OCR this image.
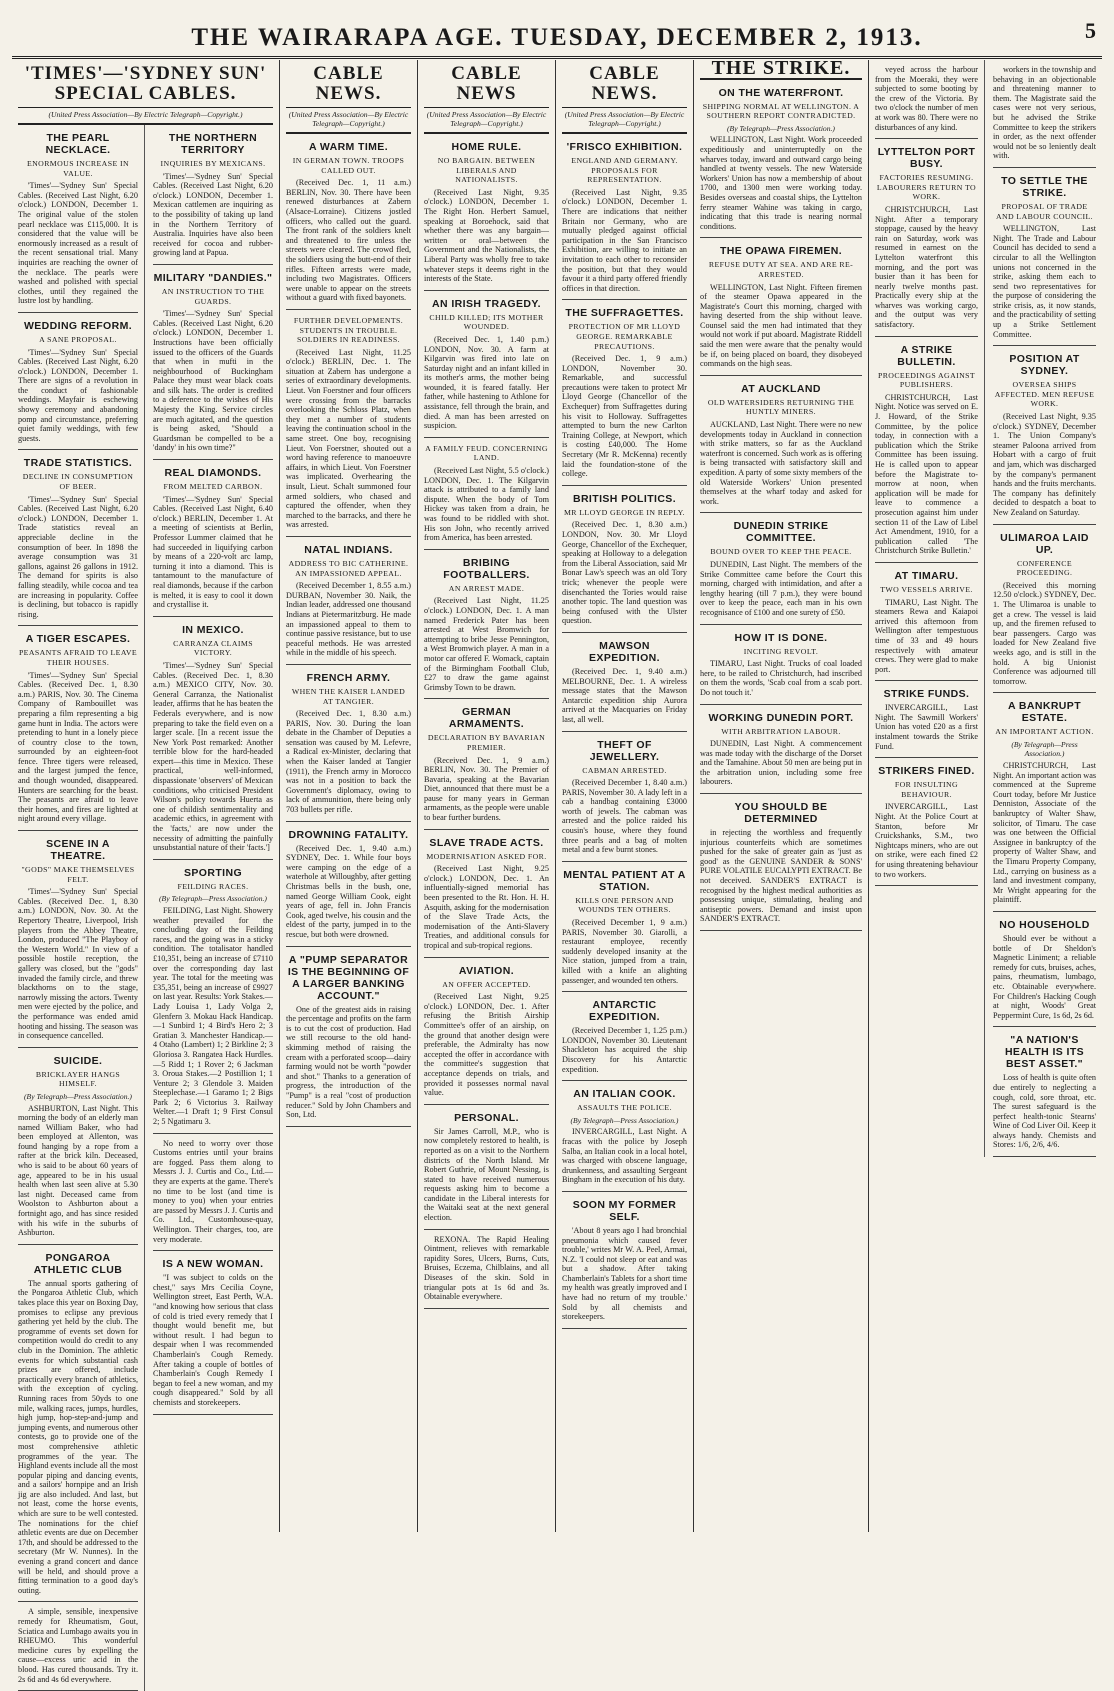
THE WAIRARAPA AGE. TUESDAY, DECEMBER 2, 1913.	5
'TIMES'—'SYDNEY SUN' SPECIAL CABLES.
(United Press Association—By Electric Telegraph—Copyright.)
THE PEARL NECKLACE.
ENORMOUS INCREASE IN VALUE.

'Times'—'Sydney Sun' Special Cables. (Received Last Night, 6.20 o'clock.) LONDON, December 1. The original value of the stolen pearl necklace was £115,000. It is considered that the value will be enormously increased as a result of the recent sensational trial. Many inquiries are reaching the owner of the necklace. The pearls were washed and polished with special clothes, until they regained the lustre lost by handling.

WEDDING REFORM.
A SANE PROPOSAL.

'Times'—'Sydney Sun' Special Cables. (Received Last Night, 6.20 o'clock.) LONDON, December 1. There are signs of a revolution in the conduct of fashionable weddings. Mayfair is eschewing showy ceremony and abandoning pomp and circumstance, preferring quiet family weddings, with few guests.

TRADE STATISTICS.
DECLINE IN CONSUMPTION OF BEER.

'Times'—'Sydney Sun' Special Cables. (Received Last Night, 6.20 o'clock.) LONDON, December 1. Trade statistics reveal an appreciable decline in the consumption of beer. In 1898 the average consumption was 31 gallons, against 26 gallons in 1912. The demand for spirits is also falling steadily, while cocoa and tea are increasing in popularity. Coffee is declining, but tobacco is rapidly rising.

A TIGER ESCAPES.
PEASANTS AFRAID TO LEAVE THEIR HOUSES.

'Times'—'Sydney Sun' Special Cables. (Received Dec. 1, 8.30 a.m.) PARIS, Nov. 30. The Cinema Company of Rambouillet was preparing a film representing a big game hunt in India. The actors were pretending to hunt in a lonely piece of country close to the town, surrounded by an eighteen-foot fence. Three tigers were released, and the largest jumped the fence, and though wounded, disappeared. Hunters are searching for the beast. The peasants are afraid to leave their homes, and fires are lighted at night around every village.

SCENE IN A THEATRE.
"GODS" MAKE THEMSELVES FELT.

'Times'—'Sydney Sun' Special Cables. (Received Dec. 1, 8.30 a.m.) LONDON, Nov. 30. At the Repertory Theatre, Liverpool, Irish players from the Abbey Theatre, London, produced "The Playboy of the Western World." In view of a possible hostile reception, the gallery was closed, but the "gods" invaded the family circle, and threw blackthorns on to the stage, narrowly missing the actors. Twenty men were ejected by the police, and the performance was ended amid hooting and hissing. The season was in consequence cancelled.

SUICIDE.
BRICKLAYER HANGS HIMSELF.
(By Telegraph—Press Association.)

ASHBURTON, Last Night. This morning the body of an elderly man named William Baker, who had been employed at Allenton, was found hanging by a rope from a rafter at the brick kiln. Deceased, who is said to be about 60 years of age, appeared to be in his usual health when last seen alive at 5.30 last night. Deceased came from Woolston to Ashburton about a fortnight ago, and has since resided with his wife in the suburbs of Ashburton.

PONGAROA ATHLETIC CLUB

The annual sports gathering of the Pongaroa Athletic Club, which takes place this year on Boxing Day, promises to eclipse any previous gathering yet held by the club. The programme of events set down for competition would do credit to any club in the Dominion. The athletic events for which substantial cash prizes are offered, include practically every branch of athletics, with the exception of cycling. Running races from 50yds to one mile, walking races, jumps, hurdles, high jump, hop-step-and-jump and jumping events, and numerous other contests, go to provide one of the most comprehensive athletic programmes of the year. The Highland events include all the most popular piping and dancing events, and a sailors' hornpipe and an Irish jig are also included. And last, but not least, come the horse events, which are sure to be well contested. The nominations for the chief athletic events are due on December 17th, and should be addressed to the secretary (Mr W. Nunnes). In the evening a grand concert and dance will be held, and should prove a fitting termination to a good day's outing.

A simple, sensible, inexpensive remedy for Rheumatism, Gout, Sciatica and Lumbago awaits you in RHEUMO. This wonderful medicine cures by expelling the cause—excess uric acid in the blood. Has cured thousands. Try it. 2s 6d and 4s 6d everywhere.

THE NORTHERN TERRITORY
INQUIRIES BY MEXICANS.

'Times'—'Sydney Sun' Special Cables. (Received Last Night, 6.20 o'clock.) LONDON, December 1. Mexican cattlemen are inquiring as to the possibility of taking up land in the Northern Territory of Australia. Inquiries have also been received for cocoa and rubber-growing land at Papua.

MILITARY "DANDIES."
AN INSTRUCTION TO THE GUARDS.

'Times'—'Sydney Sun' Special Cables. (Received Last Night, 6.20 o'clock.) LONDON, December 1. Instructions have been officially issued to the officers of the Guards that when in mufti in the neighbourhood of Buckingham Palace they must wear black coats and silk hats. The order is credited to a deference to the wishes of His Majesty the King. Service circles are much agitated, and the question is being asked, "Should a Guardsman be compelled to be a 'dandy' in his own time?"

REAL DIAMONDS.
FROM MELTED CARBON.

'Times'—'Sydney Sun' Special Cables. (Received Last Night, 6.40 o'clock.) BERLIN, December 1. At a meeting of scientists at Berlin, Professor Lummer claimed that he had succeeded in liquifying carbon by means of a 220-volt arc lamp, turning it into a diamond. This is tantamount to the manufacture of real diamonds, because if the carbon is melted, it is easy to cool it down and crystallise it.

IN MEXICO.
CARRANZA CLAIMS VICTORY.

'Times'—'Sydney Sun' Special Cables. (Received Dec. 1, 8.30 a.m.) MEXICO CITY, Nov. 30. General Carranza, the Nationalist leader, affirms that he has beaten the Federals everywhere, and is now preparing to take the field even on a larger scale. [In a recent issue the New York Post remarked: Another terrible blow for the hard-headed expert—this time in Mexico. These practical, well-informed, dispassionate 'observers' of Mexican conditions, who criticised President Wilson's policy towards Huerta as one of childish sentimentality and academic ethics, in agreement with the 'facts,' are now under the necessity of admitting the painfully unsubstantial nature of their 'facts.']

SPORTING
FEILDING RACES.
(By Telegraph—Press Association.)

FEILDING, Last Night. Showery weather prevailed for the concluding day of the Feilding races, and the going was in a sticky condition. The totalisator handled £10,351, being an increase of £7110 over the corresponding day last year. The total for the meeting was £35,351, being an increase of £9927 on last year. Results: York Stakes.—Lady Louisa 1, Lady Volga 2, Glenfern 3. Mokau Hack Handicap.—1 Sunbird 1; 4 Bird's Hero 2; 3 Gratian 3. Manchester Handicap.—4 Otaho (Lambert) 1; 2 Birkline 2; 3 Gloriosa 3. Rangatea Hack Hurdles.—5 Ridd 1; 1 Rover 2; 6 Jackman 3. Oroua Stakes.—2 Postillion 1; 1 Venture 2; 3 Glendole 3. Maiden Steeplechase.—1 Garamo 1; 2 Bigs Park 2; 6 Victorius 3. Railway Welter.—1 Draft 1; 9 First Consul 2; 5 Ngatimaru 3.

No need to worry over those Customs entries until your brains are fogged. Pass them along to Messrs J. J. Curtis and Co., Ltd.—they are experts at the game. There's no time to be lost (and time is money to you) when your entries are passed by Messrs J. J. Curtis and Co. Ltd., Customhouse-quay, Wellington. Their charges, too, are very moderate.

IS A NEW WOMAN.

"I was subject to colds on the chest," says Mrs Cecilia Coyne, Wellington street, East Perth, W.A. "and knowing how serious that class of cold is tried every remedy that I thought would benefit me, but without result. I had begun to despair when I was recommended Chamberlain's Cough Remedy. After taking a couple of bottles of Chamberlain's Cough Remedy I began to feel a new woman, and my cough disappeared." Sold by all chemists and storekeepers.

CABLE NEWS.
(United Press Association—By Electric Telegraph—Copyright.)
A WARM TIME.
IN GERMAN TOWN. TROOPS CALLED OUT.

(Received Dec. 1, 11 a.m.) BERLIN, Nov. 30. There have been renewed disturbances at Zabern (Alsace-Lorraine). Citizens jostled officers, who called out the guard. The front rank of the soldiers knelt and threatened to fire unless the streets were cleared. The crowd fled, the soldiers using the butt-end of their rifles. Fifteen arrests were made, including two Magistrates. Officers were unable to appear on the streets without a guard with fixed bayonets.

FURTHER DEVELOPMENTS. STUDENTS IN TROUBLE. SOLDIERS IN READINESS.

(Received Last Night, 11.25 o'clock.) BERLIN, Dec. 1. The situation at Zabern has undergone a series of extraordinary developments. Lieut. Von Foerstner and four officers were crossing from the barracks overlooking the Schloss Platz, when they met a number of students leaving the continuation school in the same street. One boy, recognising Lieut. Von Foerstner, shouted out a word having reference to manoeuvre affairs, in which Lieut. Von Foerstner was implicated. Overhearing the insult, Lieut. Schalt summoned four armed soldiers, who chased and captured the offender, when they marched to the barracks, and there he was arrested.

NATAL INDIANS.
ADDRESS TO BIC CATHERINE. AN IMPASSIONED APPEAL.

(Received December 1, 8.55 a.m.) DURBAN, November 30. Naik, the Indian leader, addressed one thousand Indians at Pietermaritzburg. He made an impassioned appeal to them to continue passive resistance, but to use peaceful methods. He was arrested while in the middle of his speech.

FRENCH ARMY.
WHEN THE KAISER LANDED AT TANGIER.

(Received Dec. 1, 8.30 a.m.) PARIS, Nov. 30. During the loan debate in the Chamber of Deputies a sensation was caused by M. Lefevre, a Radical ex-Minister, declaring that when the Kaiser landed at Tangier (1911), the French army in Morocco was not in a position to back the Government's diplomacy, owing to lack of ammunition, there being only 703 bullets per rifle.

DROWNING FATALITY.

(Received Dec. 1, 9.40 a.m.) SYDNEY, Dec. 1. While four boys were camping on the edge of a waterhole at Willoughby, after getting Christmas bells in the bush, one, named George William Cook, eight years of age, fell in. John Francis Cook, aged twelve, his cousin and the eldest of the party, jumped in to the rescue, but both were drowned.

A "PUMP SEPARATOR IS THE BEGINNING OF A LARGER BANKING ACCOUNT."

One of the greatest aids in raising the percentage and profits on the farm is to cut the cost of production. Had we still recourse to the old hand-skimming method of raising the cream with a perforated scoop—dairy farming would not be worth "powder and shot." Thanks to a generation of progress, the introduction of the "Pump" is a real "cost of production reducer." Sold by John Chambers and Son, Ltd.

CABLE NEWS
(United Press Association—By Electric Telegraph—Copyright.)
HOME RULE.
NO BARGAIN. BETWEEN LIBERALS AND NATIONALISTS.

(Received Last Night, 9.35 o'clock.) LONDON, December 1. The Right Hon. Herbert Samuel, speaking at Boroehock, said that whether there was any bargain—written or oral—between the Government and the Nationalists, the Liberal Party was wholly free to take whatever steps it deems right in the interests of the State.

AN IRISH TRAGEDY.
CHILD KILLED; ITS MOTHER WOUNDED.

(Received Dec. 1, 1.40 p.m.) LONDON, Nov. 30. A farm at Kilgarvin was fired into late on Saturday night and an infant killed in its mother's arms, the mother being wounded, it is feared fatally. Her father, while hastening to Athlone for assistance, fell through the brain, and died. A man has been arrested on suspicion.

A FAMILY FEUD. CONCERNING LAND.

(Received Last Night, 5.5 o'clock.) LONDON, Dec. 1. The Kilgarvin attack is attributed to a family land dispute. When the body of Tom Hickey was taken from a drain, he was found to be riddled with shot. His son John, who recently arrived from America, has been arrested.

BRIBING FOOTBALLERS.
AN ARREST MADE.

(Received Last Night, 11.25 o'clock.) LONDON, Dec. 1. A man named Frederick Pater has been arrested at West Bromwich for attempting to bribe Jesse Pennington, a West Bromwich player. A man in a motor car offered F. Womack, captain of the Birmingham Football Club, £27 to draw the game against Grimsby Town to be drawn.

GERMAN ARMAMENTS.
DECLARATION BY BAVARIAN PREMIER.

(Received Dec. 1, 9 a.m.) BERLIN, Nov. 30. The Premier of Bavaria, speaking at the Bavarian Diet, announced that there must be a pause for many years in German armaments, as the people were unable to bear further burdens.

SLAVE TRADE ACTS.
MODERNISATION ASKED FOR.

(Received Last Night, 9.25 o'clock.) LONDON, Dec. 1. An influentially-signed memorial has been presented to the Rt. Hon. H. H. Asquith, asking for the modernisation of the Slave Trade Acts, the modernisation of the Anti-Slavery Treaties, and additional consuls for tropical and sub-tropical regions.

AVIATION.
AN OFFER ACCEPTED.

(Received Last Night, 9.25 o'clock.) LONDON, Dec. 1. After refusing the British Airship Committee's offer of an airship, on the ground that another design were preferable, the Admiralty has now accepted the offer in accordance with the committee's suggestion that acceptance depends on trials, and provided it possesses normal naval value.

PERSONAL.

Sir James Carroll, M.P., who is now completely restored to health, is reported as on a visit to the Northern districts of the North Island. Mr Robert Guthrie, of Mount Nessing, is stated to have received numerous requests asking him to become a candidate in the Liberal interests for the Waitaki seat at the next general election.

REXONA. The Rapid Healing Ointment, relieves with remarkable rapidity Sores, Ulcers, Burns, Cuts, Bruises, Eczema, Chilblains, and all Diseases of the skin. Sold in triangular pots at 1s 6d and 3s. Obtainable everywhere.

CABLE NEWS.
(United Press Association—By Electric Telegraph—Copyright.)
'FRISCO EXHIBITION.
ENGLAND AND GERMANY. PROPOSALS FOR REPRESENTATION.

(Received Last Night, 9.35 o'clock.) LONDON, December 1. There are indications that neither Britain nor Germany, who are mutually pledged against official participation in the San Francisco Exhibition, are willing to initiate an invitation to each other to reconsider the position, but that they would favour it a third party offered friendly offices in that direction.

THE SUFFRAGETTES.
PROTECTION OF MR LLOYD GEORGE. REMARKABLE PRECAUTIONS.

(Received Dec. 1, 9 a.m.) LONDON, November 30. Remarkable, and successful precautions were taken to protect Mr Lloyd George (Chancellor of the Exchequer) from Suffragettes during his visit to Holloway. Suffragettes attempted to burn the new Carlton Training College, at Newport, which is costing £40,000. The Home Secretary (Mr R. McKenna) recently laid the foundation-stone of the college.

BRITISH POLITICS.
MR LLOYD GEORGE IN REPLY.

(Received Dec. 1, 8.30 a.m.) LONDON, Nov. 30. Mr Lloyd George, Chancellor of the Exchequer, speaking at Holloway to a delegation from the Liberal Association, said Mr Bonar Law's speech was an old Tory trick; whenever the people were disenchanted the Tories would raise another topic. The land question was being confused with the Ulster question.

MAWSON EXPEDITION.

(Received Dec. 1, 9.40 a.m.) MELBOURNE, Dec. 1. A wireless message states that the Mawson Antarctic expedition ship Aurora arrived at the Macquaries on Friday last, all well.

THEFT OF JEWELLERY.
CABMAN ARRESTED.

(Received December 1, 8.40 a.m.) PARIS, November 30. A lady left in a cab a handbag containing £3000 worth of jewels. The cabman was arrested and the police raided his cousin's house, where they found three pearls and a bag of molten metal and a few burnt stones.

MENTAL PATIENT AT A STATION.
KILLS ONE PERSON AND WOUNDS TEN OTHERS.

(Received December 1, 9 a.m.) PARIS, November 30. Giarolli, a restaurant employee, recently suddenly developed insanity at the Nice station, jumped from a train, killed with a knife an alighting passenger, and wounded ten others.

ANTARCTIC EXPEDITION.

(Received December 1, 1.25 p.m.) LONDON, November 30. Lieutenant Shackleton has acquired the ship Discovery for his Antarctic expedition.

AN ITALIAN COOK.
ASSAULTS THE POLICE.
(By Telegraph—Press Association.)

INVERCARGILL, Last Night. A fracas with the police by Joseph Salba, an Italian cook in a local hotel, was charged with obscene language, drunkenness, and assaulting Sergeant Bingham in the execution of his duty.

SOON MY FORMER SELF.

'About 8 years ago I had bronchial pneumonia which caused fever trouble,' writes Mr W. A. Peel, Armai, N.Z. 'I could not sleep or eat and was but a shadow. After taking Chamberlain's Tablets for a short time my health was greatly improved and I have had no return of my trouble.' Sold by all chemists and storekeepers.

THE STRIKE.
ON THE WATERFRONT.
SHIPPING NORMAL AT WELLINGTON. A SOUTHERN REPORT CONTRADICTED.
(By Telegraph—Press Association.)

WELLINGTON, Last Night. Work proceeded expeditiously and uninterruptedly on the wharves today, inward and outward cargo being handled at twenty vessels. The new Waterside Workers' Union has now a membership of about 1700, and 1300 men were working today. Besides overseas and coastal ships, the Lyttelton ferry steamer Wahine was taking in cargo, indicating that this trade is nearing normal conditions.

THE OPAWA FIREMEN.
REFUSE DUTY AT SEA. AND ARE RE-ARRESTED.

WELLINGTON, Last Night. Fifteen firemen of the steamer Opawa appeared in the Magistrate's Court this morning, charged with having deserted from the ship without leave. Counsel said the men had intimated that they would not work if put aboard. Magistrate Riddell said the men were aware that the penalty would be if, on being placed on board, they disobeyed commands on the high seas.

AT AUCKLAND
OLD WATERSIDERS RETURNING THE HUNTLY MINERS.

AUCKLAND, Last Night. There were no new developments today in Auckland in connection with strike matters, so far as the Auckland waterfront is concerned. Such work as is offering is being transacted with satisfactory skill and expedition. A party of some sixty members of the old Waterside Workers' Union presented themselves at the wharf today and asked for work.

DUNEDIN STRIKE COMMITTEE.
BOUND OVER TO KEEP THE PEACE.

DUNEDIN, Last Night. The members of the Strike Committee came before the Court this morning, charged with intimidation, and after a lengthy hearing (till 7 p.m.), they were bound over to keep the peace, each man in his own recognisance of £100 and one surety of £50.

HOW IT IS DONE.
INCITING REVOLT.

TIMARU, Last Night. Trucks of coal loaded here, to be railed to Christchurch, had inscribed on them the words, 'Scab coal from a scab port. Do not touch it.'

WORKING DUNEDIN PORT.
WITH ARBITRATION LABOUR.

DUNEDIN, Last Night. A commencement was made today with the discharge of the Dorset and the Tamahine. About 50 men are being put in the arbitration union, including some free labourers.

YOU SHOULD BE DETERMINED

in rejecting the worthless and frequently injurious counterfeits which are sometimes pushed for the sake of greater gain as 'just as good' as the GENUINE SANDER & SONS' PURE VOLATILE EUCALYPTI EXTRACT. Be not deceived. SANDER'S EXTRACT is recognised by the highest medical authorities as possessing unique, stimulating, healing and antiseptic powers. Demand and insist upon SANDER'S EXTRACT.

veyed across the harbour from the Moeraki, they were subjected to some booting by the crew of the Victoria. By two o'clock the number of men at work was 80. There were no disturbances of any kind.

LYTTELTON PORT BUSY.
FACTORIES RESUMING. LABOURERS RETURN TO WORK.

CHRISTCHURCH, Last Night. After a temporary stoppage, caused by the heavy rain on Saturday, work was resumed in earnest on the Lyttelton waterfront this morning, and the port was busier than it has been for nearly twelve months past. Practically every ship at the wharves was working cargo, and the output was very satisfactory.

A STRIKE BULLETIN.
PROCEEDINGS AGAINST PUBLISHERS.

CHRISTCHURCH, Last Night. Notice was served on E. J. Howard, of the Strike Committee, by the police today, in connection with a publication which the Strike Committee has been issuing. He is called upon to appear before the Magistrate to-morrow at noon, when application will be made for leave to commence a prosecution against him under section 11 of the Law of Libel Act Amendment, 1910, for a publication called 'The Christchurch Strike Bulletin.'

AT TIMARU.
TWO VESSELS ARRIVE.

TIMARU, Last Night. The steamers Rewa and Kaiapoi arrived this afternoon from Wellington after tempestuous time of 33 and 49 hours respectively with amateur crews. They were glad to make port.

STRIKE FUNDS.

INVERCARGILL, Last Night. The Sawmill Workers' Union has voted £20 as a first instalment towards the Strike Fund.

STRIKERS FINED.
FOR INSULTING BEHAVIOUR.

INVERCARGILL, Last Night. At the Police Court at Stanton, before Mr Cruickshanks, S.M., two Nightcaps miners, who are out on strike, were each fined £2 for using threatening behaviour to two workers.

workers in the township and behaving in an objectionable and threatening manner to them. The Magistrate said the cases were not very serious, but he advised the Strike Committee to keep the strikers in order, as the next offender would not be so leniently dealt with.

TO SETTLE THE STRIKE.
PROPOSAL OF TRADE AND LABOUR COUNCIL.

WELLINGTON, Last Night. The Trade and Labour Council has decided to send a circular to all the Wellington unions not concerned in the strike, asking them each to send two representatives for the purpose of considering the strike crisis, as, it now stands, and the practicability of setting up a Strike Settlement Committee.

POSITION AT SYDNEY.
OVERSEA SHIPS AFFECTED. MEN REFUSE WORK.

(Received Last Night, 9.35 o'clock.) SYDNEY, December 1. The Union Company's steamer Paloona arrived from Hobart with a cargo of fruit and jam, which was discharged by the company's permanent hands and the fruits merchants. The company has definitely decided to despatch a boat to New Zealand on Saturday.

ULIMAROA LAID UP.
CONFERENCE PROCEEDING.

(Received this morning 12.50 o'clock.) SYDNEY, Dec. 1. The Ulimaroa is unable to get a crew. The vessel is laid up, and the firemen refused to bear passengers. Cargo was loaded for New Zealand five weeks ago, and is still in the hold. A big Unionist Conference was adjourned till tomorrow.

A BANKRUPT ESTATE.
AN IMPORTANT ACTION.
(By Telegraph—Press Association.)

CHRISTCHURCH, Last Night. An important action was commenced at the Supreme Court today, before Mr Justice Denniston, Associate of the bankruptcy of Walter Shaw, solicitor, of Timaru. The case was one between the Official Assignee in bankruptcy of the property of Walter Shaw, and the Timaru Property Company, Ltd., carrying on business as a land and investment company, Mr Wright appearing for the plaintiff.

NO HOUSEHOLD

Should ever be without a bottle of Dr Sheldon's Magnetic Liniment; a reliable remedy for cuts, bruises, aches, pains, rheumatism, lumbago, etc. Obtainable everywhere. For Children's Hacking Cough at night, Woods' Great Peppermint Cure, 1s 6d, 2s 6d.

"A NATION'S HEALTH IS ITS BEST ASSET."

Loss of health is quite often due entirely to neglecting a cough, cold, sore throat, etc. The surest safeguard is the perfect health-tonic Stearns' Wine of Cod Liver Oil. Keep it always handy. Chemists and Stores: 1/6, 2/6, 4/6.
